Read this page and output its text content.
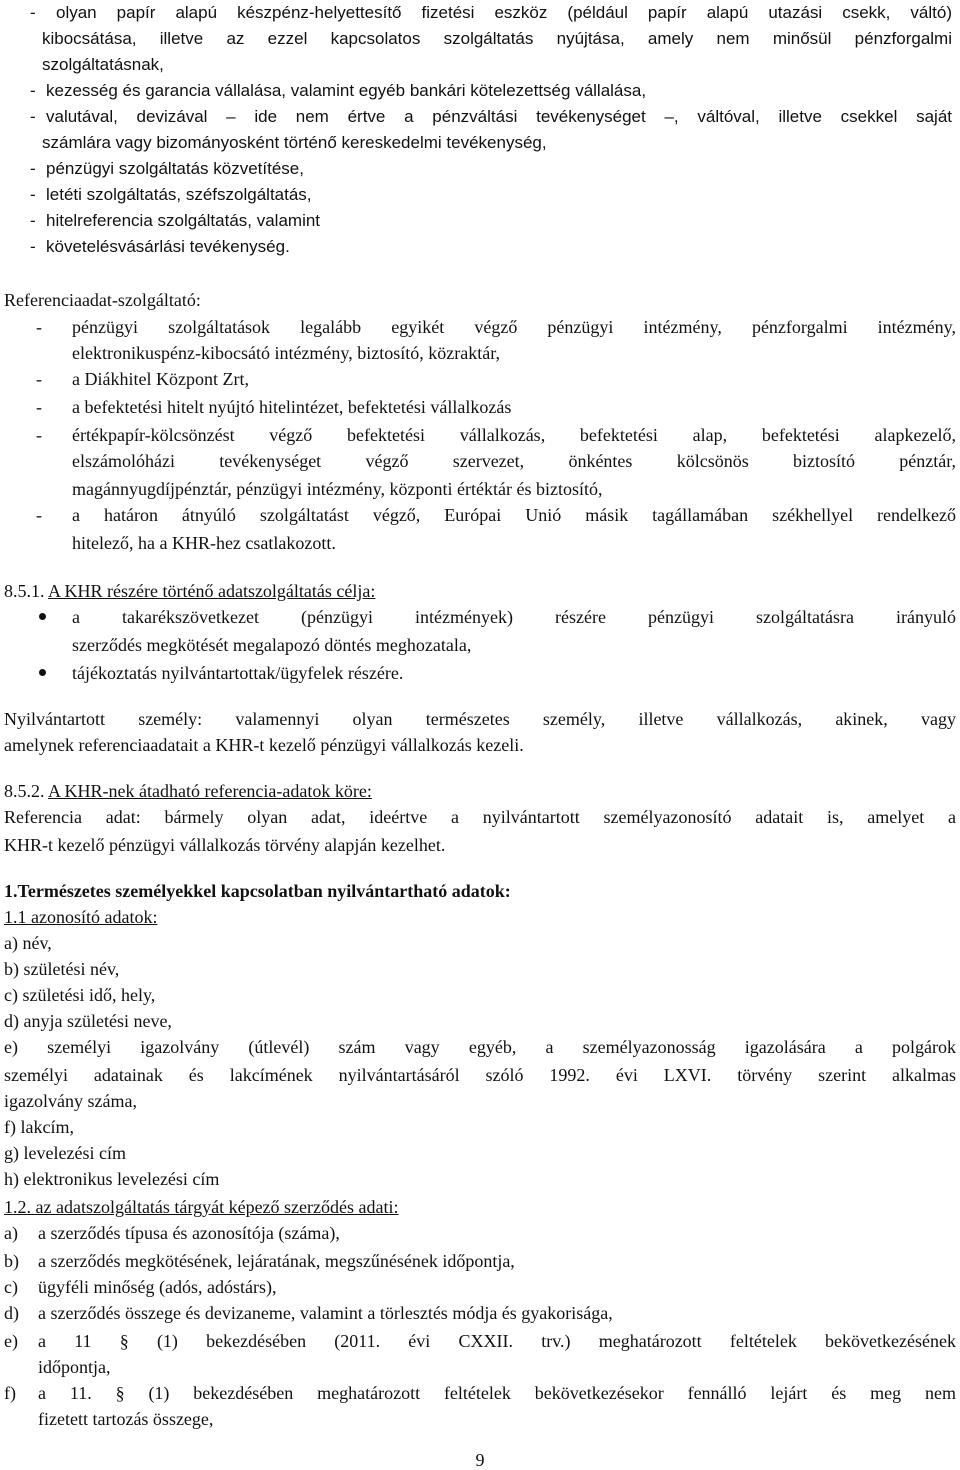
- olyan papír alapú készpénz-helyettesítő fizetési eszköz (például papír alapú utazási csekk, váltó)
kibocsátása, illetve az ezzel kapcsolatos szolgáltatás nyújtása, amely nem minősül pénzforgalmi
szolgáltatásnak,
- kezesség és garancia vállalása, valamint egyéb bankári kötelezettség vállalása,
- valutával, devizával – ide nem értve a pénzváltási tevékenységet –, váltóval, illetve csekkel saját
számlára vagy bizományosként történő kereskedelmi tevékenység,
- pénzügyi szolgáltatás közvetítése,
- letéti szolgáltatás, széfszolgáltatás,
- hitelreferencia szolgáltatás, valamint
- követelésvásárlási tevékenység.
Referenciaadat-szolgáltató:
- pénzügyi szolgáltatások legalább egyikét végző pénzügyi intézmény, pénzforgalmi intézmény,
elektronikuspénz-kibocsátó intézmény, biztosító, közraktár,
- a Diákhitel Központ Zrt,
- a befektetési hitelt nyújtó hitelintézet, befektetési vállalkozás
- értékpapír-kölcsönzést végző befektetési vállalkozás, befektetési alap, befektetési alapkezelő,
elszámolóházi tevékenységet végző szervezet, önkéntes kölcsönös biztosító pénztár,
magánnyugdíjpénztár, pénzügyi intézmény, központi értéktár és biztosító,
- a határon átnyúló szolgáltatást végző, Európai Unió másik tagállamában székhellyel rendelkező
hitelező, ha a KHR-hez csatlakozott.
8.5.1. A KHR részére történő adatszolgáltatás célja:
a takarékszövetkezet (pénzügyi intézmények) részére pénzügyi szolgáltatásra irányuló
szerződés megkötését megalapozó döntés meghozatala,
tájékoztatás nyilvántartottak/ügyfelek részére.
Nyilvántartott személy: valamennyi olyan természetes személy, illetve vállalkozás, akinek, vagy
amelynek referenciaadatait a KHR-t kezelő pénzügyi vállalkozás kezeli.
8.5.2. A KHR-nek átadható referencia-adatok köre:
Referencia adat: bármely olyan adat, ideértve a nyilvántartott személyazonosító adatait is, amelyet a
KHR-t kezelő pénzügyi vállalkozás törvény alapján kezelhet.
1.Természetes személyekkel kapcsolatban nyilvántartható adatok:
1.1 azonosító adatok:
a) név,
b) születési név,
c) születési idő, hely,
d) anyja születési neve,
e) személyi igazolvány (útlevél) szám vagy egyéb, a személyazonosság igazolására a polgárok
személyi adatainak és lakcímének nyilvántartásáról szóló 1992. évi LXVI. törvény szerint alkalmas
igazolvány száma,
f) lakcím,
g) levelezési cím
h) elektronikus levelezési cím
1.2. az adatszolgáltatás tárgyát képező szerződés adati:
a) a szerződés típusa és azonosítója (száma),
b) a szerződés megkötésének, lejáratának, megszűnésének időpontja,
c) ügyféli minőség (adós, adóstárs),
d) a szerződés összege és devizaneme, valamint a törlesztés módja és gyakorisága,
e) a 11 § (1) bekezdésében (2011. évi CXXII. trv.) meghatározott feltételek bekövetkezésének
időpontja,
f) a 11. § (1) bekezdésében meghatározott feltételek bekövetkezésekor fennálló lejárt és meg nem
fizetett tartozás összege,
9
